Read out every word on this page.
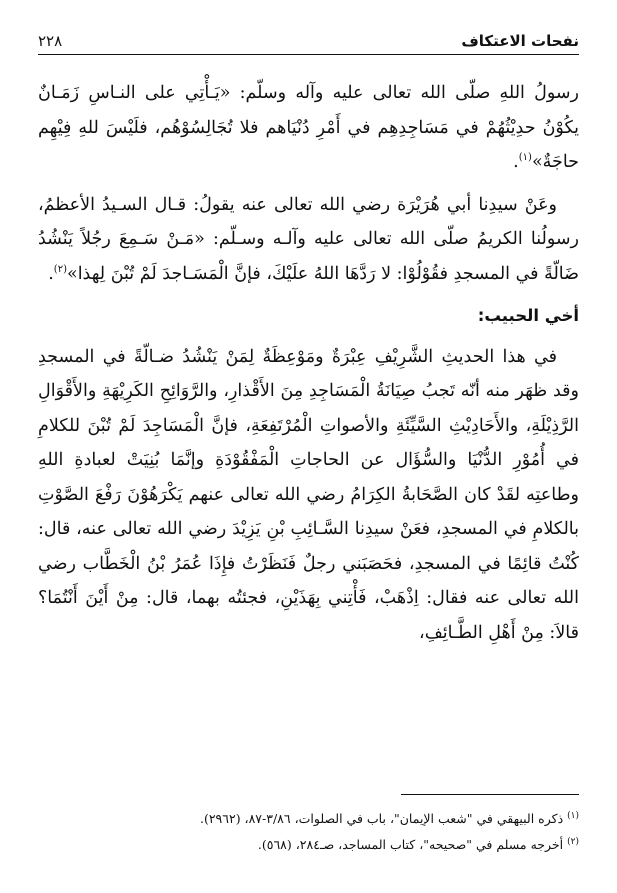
نفحات الاعتكاف
٢٢٨

رسولُ اللهِ صلّى الله تعالى عليه وآله وسلّم: «يَـأْتِي على النـاسِ زَمَـانٌ يكُوْنُ حدِيْثُهُمْ في مَسَاجِدِهِم في أَمْرِ دُنْيَاهم فلا تُجَالِسُوْهُم، فلَيْسَ للهِ فِيْهِم حاجَةٌ»$^{(١)}$.

وعَنْ سيدِنا أبي هُرَيْرَة رضي الله تعالى عنه يقولُ: قـال السـيدُ الأعظمُ، رسولُنا الكريمُ صلّى الله تعالى عليه وآلـه وسـلّم: «مَـنْ سَـمِعَ رجُلاً يَنْشُدُ ضَالّةً في المسجدِ فقُوْلُوْا: لا رَدَّهَا اللهُ علَيْكَ، فإنَّ الْمَسَـاجدَ لَمْ تُبْنَ لِهذا»$^{(٢)}$.

أخي الحبيب:

في هذا الحديثِ الشَّرِيْفِ عِبْرَةٌ ومَوْعِظَةٌ لِمَنْ يَنْشُدُ ضـالّةً في المسجدِ وقد ظهَر منه أنّه تَجبُ صِيَانَةُ الْمَسَاجِدِ مِنَ الأَقْذارِ، والرَّوَائِحِ الكَرِيْهَةِ والأَقْوَالِ الرَّذِيْلَةِ، والأَحَادِيْثِ السَّيِّئَةِ والأصواتِ الْمُرْتَفِعَةِ، فإنَّ الْمَسَاجِدَ لَمْ تُبْنَ للكلامِ في أُمُوْرِ الدُّنْيَا والسُّؤَال عن الحاجاتِ الْمَفْقُوْدَةِ وإنَّمَا بُنِيَتْ لعبادةِ اللهِ وطاعتِه لقَدْ كان الصَّحَابةُ الكِرَامُ رضي الله تعالى عنهم يَكْرَهُوْنَ رَفْعَ الصَّوْتِ بالكلامِ في المسجدِ، فعَنْ سيدِنا السَّـائِبِ بْنِ يَزِيْدَ رضي الله تعالى عنه، قال: كُنْتُ قائِمًا في المسجدِ، فحَصَبَني رجلٌ فَنَظَرْتُ فإِذَا عُمَرُ بْنُ الْخَطَّاب رضي الله تعالى عنه فقال: اِذْهَبْ، فَأْتِني بِهَذَيْنِ، فجئتُه بهما، قال: مِنْ أَيْنَ أَنْتُمَا؟ قالاَ: مِنْ أَهْلِ الطَّـائِفِ،

$^{(١)}$ ذكره البيهقي في "شعب الإيمان"، باب في الصلوات، ٣/٨٦-٨٧، (٢٩٦٢).
$^{(٢)}$ أخرجه مسلم في "صحيحه"، كتاب المساجد، صـ٢٨٤، (٥٦٨).
